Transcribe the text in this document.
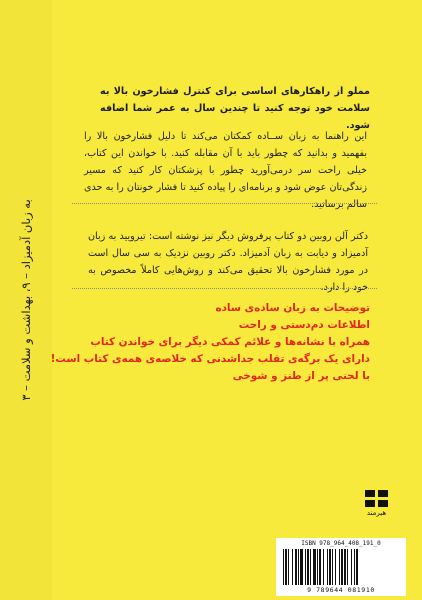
به زبان آدمیزاد – ۹، بهداشت و سلامت – ۳
مملو از راهکارهای اساسی برای کنترل فشارخون بالا به سلامت خود توجه کنید تا چندین سال به عمر شما اضافه شود.
این راهنما به زبان ســاده کمکتان می‌کند تا دلیل فشارخون بالا را بفهمید و بدانید که چطور باید با آن مقابله کنید. با خواندن این کتاب، خیلی راحت سر درمی‌آورید چطور با پزشکتان کار کنید که مسیر زندگی‌تان عوض شود و برنامه‌ای را پیاده کنید تا فشار خونتان را به حدی سالم برسانید.
دکتر آلن روبین دو کتاب پرفروش دیگر نیز نوشته است: تیرویید به زبان آدمیزاد و دیابت به زبان آدمیزاد. دکتر روبین نزدیک به سی سال است در مورد فشارخون بالا تحقیق می‌کند و روش‌هایی کاملاً مخصوص به خود را دارد.
توضیحات به زبان ساده‌ی ساده
اطلاعات دم‌دستی و راحت
همراه با نشانه‌ها و علائم کمکی دیگر برای خواندن کتاب
دارای یک برگه‌ی تقلب جداشدنی که خلاصه‌ی همه‌ی کتاب است!
با لحنی پر از طنز و شوخی
هیرمند
ISBN 978_964_408_191_0
9 789644 081910
